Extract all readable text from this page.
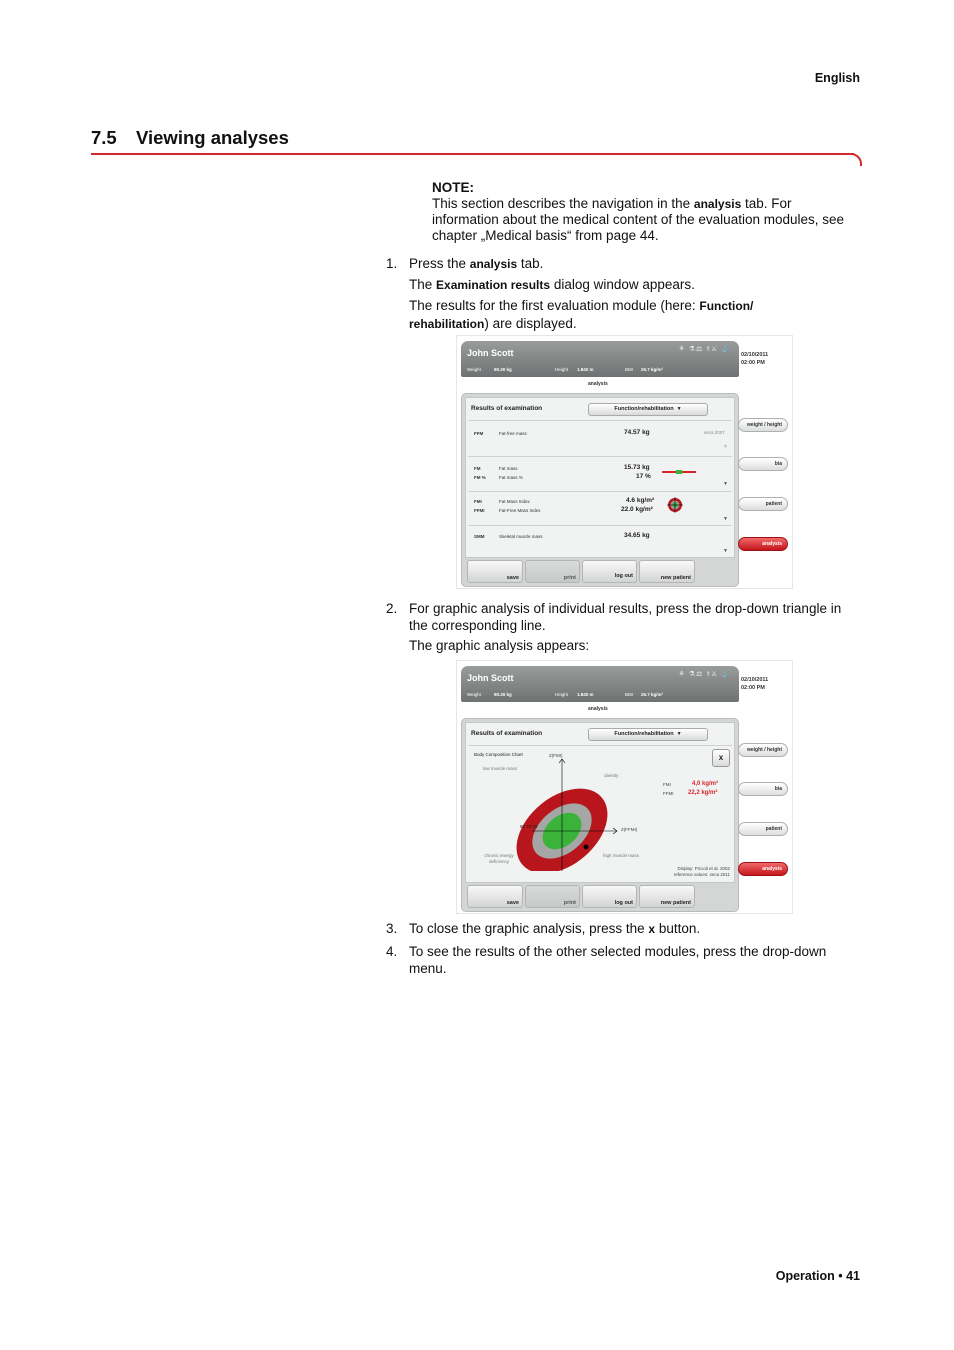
English
7.5 Viewing analyses
NOTE:
This section describes the navigation in the analysis tab. For information about the medical content of the evaluation modules, see chapter „Medical basis“ from page 44.
1. Press the analysis tab.
The Examination results dialog window appears.
The results for the first evaluation module (here: Function/ rehabilitation) are displayed.
John Scott	⚘ ⚗⚖ ⚕⚔ ⚓
Weight	90.30 kg	Height 1.840 m	BMI 26.7 kg/m²
02/10/2011
02:00 PM
analysis
Results of examination	Function/rehabilitation ▼
FFM	Fat-free mass	74.57 kg	seca 2007
▼
FM	Fat mass	15.73 kg
FM %	Fat mass %	17 %
▼
FMI	Fat Mass Index	4.6 kg/m²
FFMI	Fat-Free Mass Index	22.0 kg/m²
▼
SMM	Skeletal muscle mass	34.65 kg
▼
save	print	log out	new patient
weight / height
bia
patient
analysis
2. For graphic analysis of individual results, press the drop-down triangle in the corresponding line.
The graphic analysis appears:
John Scott	⚘ ⚗⚖ ⚕⚔ ⚓
Weight	90.30 kg	Height 1.840 m	BMI 26.7 kg/m²
02/10/2011
02:00 PM
analysis
Results of examination	Function/rehabilitation ▼
Body Composition Chart	x
Z(FMI)
Z(FFMI)
90 75 50
low muscle mass
obesity
chronic energy deficiency
high muscle mass
FMI	4,0 kg/m²
FFMI 22,2 kg/m²
Display: Piccoli et al. 2002
reference values: seca 2011
save	print	log out	new patient
weight / height
bia
patient
analysis
3. To close the graphic analysis, press the x button.
4. To see the results of the other selected modules, press the drop-down menu.
Operation • 41
